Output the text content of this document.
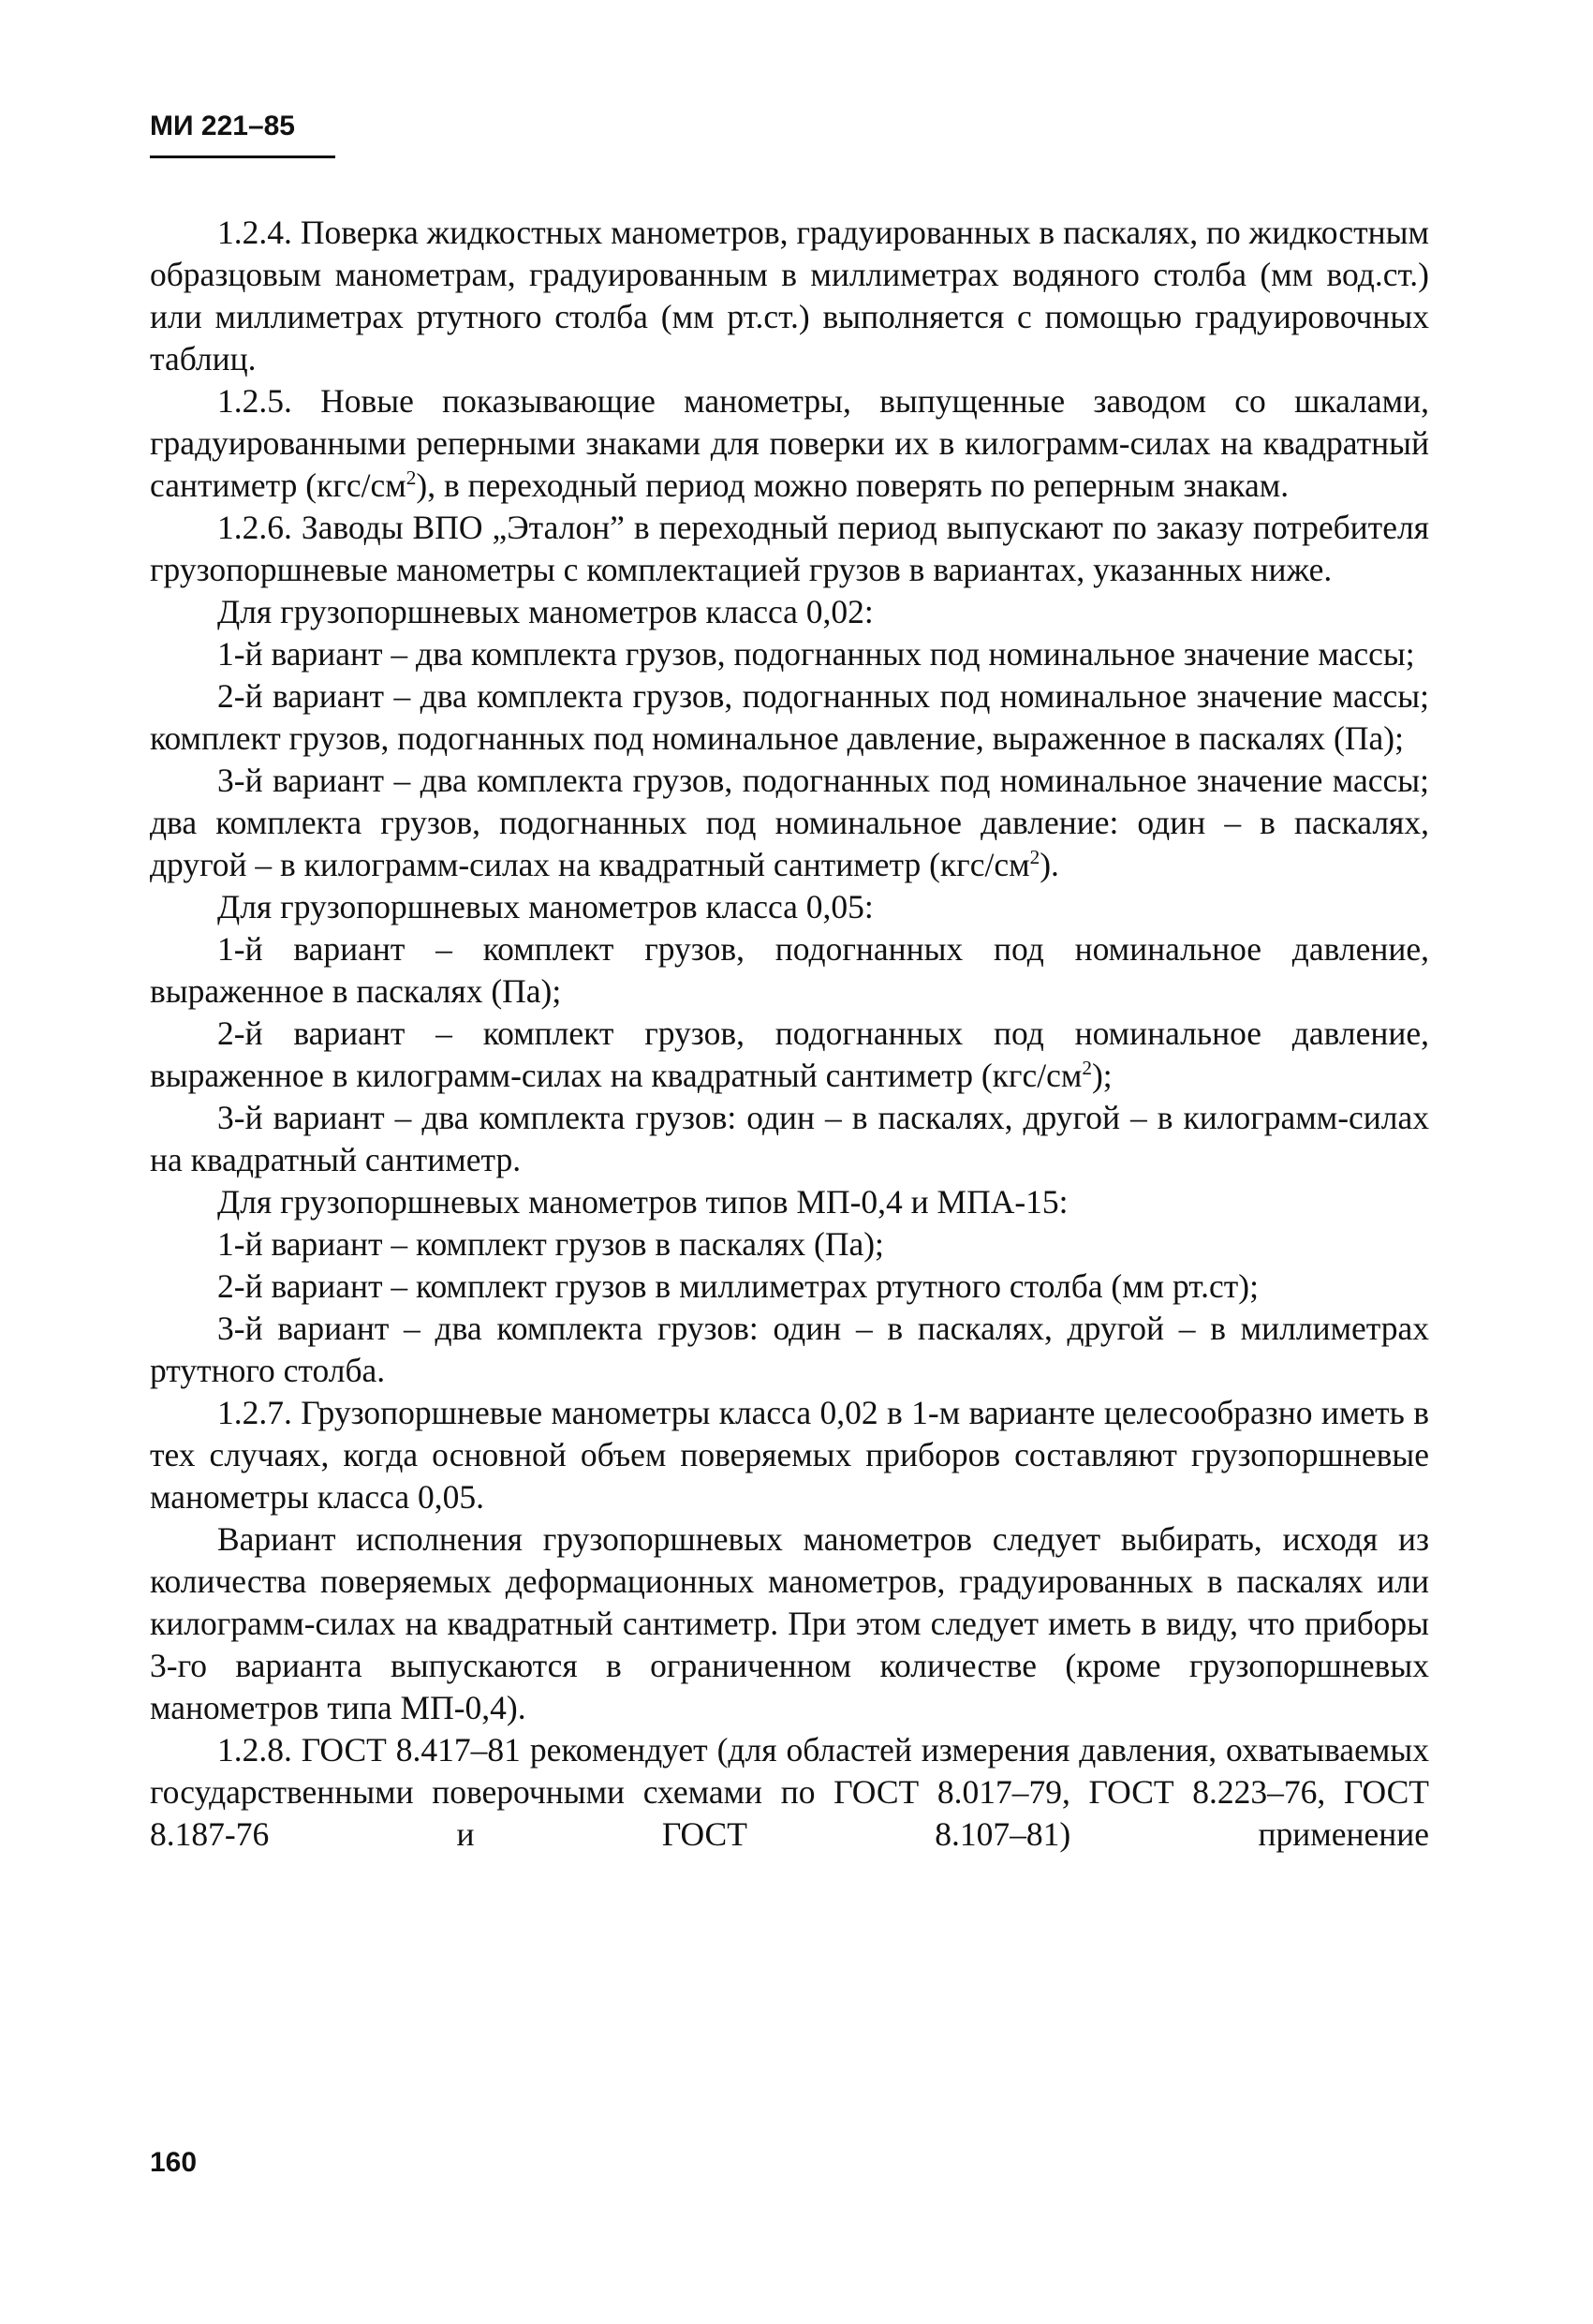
МИ 221–85

1.2.4. Поверка жидкостных манометров, градуированных в паскалях, по жидкостным образцовым манометрам, градуированным в миллиметрах водяного столба (мм вод.ст.) или миллиметрах ртутного столба (мм рт.ст.) выполняется с помощью градуировочных таблиц.

1.2.5. Новые показывающие манометры, выпущенные заводом со шкалами, градуированными реперными знаками для поверки их в килограмм-силах на квадратный сантиметр $(кгс/см^2)$, в переходный период можно поверять по реперным знакам.

1.2.6. Заводы ВПО „Эталон” в переходный период выпускают по заказу потребителя грузопоршневые манометры с комплектацией грузов в вариантах, указанных ниже.

Для грузопоршневых манометров класса 0,02:

1-й вариант – два комплекта грузов, подогнанных под номинальное значение массы;

2-й вариант – два комплекта грузов, подогнанных под номинальное значение массы; комплект грузов, подогнанных под номинальное давление, выраженное в паскалях (Па);

3-й вариант – два комплекта грузов, подогнанных под номинальное значение массы; два комплекта грузов, подогнанных под номинальное давление: один – в паскалях, другой – в килограмм-силах на квадратный сантиметр $(кгс/см^2)$.

Для грузопоршневых манометров класса 0,05:

1-й вариант – комплект грузов, подогнанных под номинальное давление, выраженное в паскалях (Па);

2-й вариант – комплект грузов, подогнанных под номинальное давление, выраженное в килограмм-силах на квадратный сантиметр $(кгс/см^2)$;

3-й вариант – два комплекта грузов: один – в паскалях, другой – в килограмм-силах на квадратный сантиметр.

Для грузопоршневых манометров типов МП-0,4 и МПА-15:

1-й вариант – комплект грузов в паскалях (Па);

2-й вариант – комплект грузов в миллиметрах ртутного столба (мм рт.ст);

3-й вариант – два комплекта грузов: один – в паскалях, другой – в миллиметрах ртутного столба.

1.2.7. Грузопоршневые манометры класса 0,02 в 1-м варианте целесообразно иметь в тех случаях, когда основной объем поверяемых приборов составляют грузопоршневые манометры класса 0,05.

Вариант исполнения грузопоршневых манометров следует выбирать, исходя из количества поверяемых деформационных манометров, градуированных в паскалях или килограмм-силах на квадратный сантиметр. При этом следует иметь в виду, что приборы 3-го варианта выпускаются в ограниченном количестве (кроме грузопоршневых манометров типа МП-0,4).

1.2.8. ГОСТ 8.417–81 рекомендует (для областей измерения давления, охватываемых государственными поверочными схемами по ГОСТ 8.017–79, ГОСТ 8.223–76, ГОСТ 8.187-76 и ГОСТ 8.107–81) применение

160
